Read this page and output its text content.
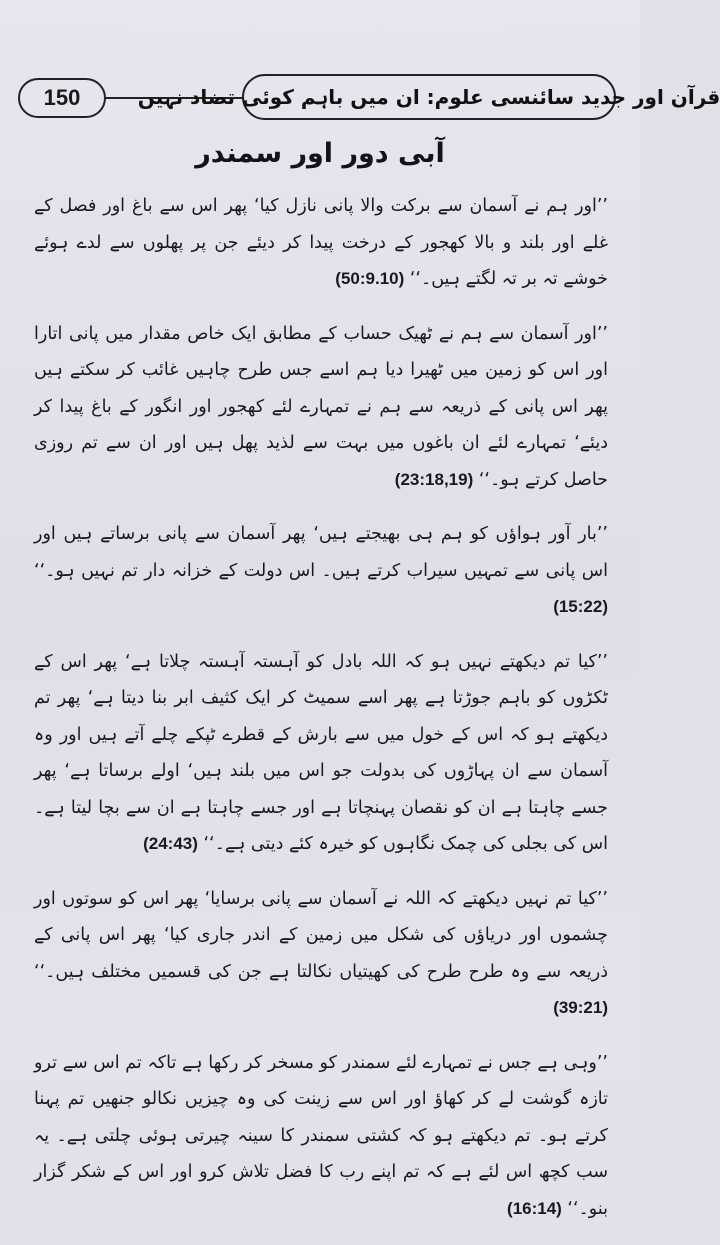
150	قرآن اور جدید سائنسی علوم: ان میں باہم کوئی تضاد نہیں
آبی دور اور سمندر

’’اور ہم نے آسمان سے برکت والا پانی نازل کیا‘ پھر اس سے باغ اور فصل کے غلے اور بلند و بالا کھجور کے درخت پیدا کر دیئے جن پر پھلوں سے لدے ہوئے خوشے تہ بر تہ لگتے ہیں۔‘‘ (50:9.10)

’’اور آسمان سے ہم نے ٹھیک حساب کے مطابق ایک خاص مقدار میں پانی اتارا اور اس کو زمین میں ٹھیرا دیا ہم اسے جس طرح چاہیں غائب کر سکتے ہیں پھر اس پانی کے ذریعہ سے ہم نے تمہارے لئے کھجور اور انگور کے باغ پیدا کر دیئے‘ تمہارے لئے ان باغوں میں بہت سے لذید پھل ہیں اور ان سے تم روزی حاصل کرتے ہو۔‘‘ (23:18,19)

’’بار آور ہواؤں کو ہم ہی بھیجتے ہیں‘ پھر آسمان سے پانی برساتے ہیں اور اس پانی سے تمہیں سیراب کرتے ہیں۔ اس دولت کے خزانہ دار تم نہیں ہو۔‘‘ (15:22)

’’کیا تم دیکھتے نہیں ہو کہ اللہ بادل کو آہستہ آہستہ چلاتا ہے‘ پھر اس کے ٹکڑوں کو باہم جوڑتا ہے پھر اسے سمیٹ کر ایک کثیف ابر بنا دیتا ہے‘ پھر تم دیکھتے ہو کہ اس کے خول میں سے بارش کے قطرے ٹپکے چلے آتے ہیں اور وہ آسمان سے ان پہاڑوں کی بدولت جو اس میں بلند ہیں‘ اولے برساتا ہے‘ پھر جسے چاہتا ہے ان کو نقصان پہنچاتا ہے اور جسے چاہتا ہے ان سے بچا لیتا ہے۔ اس کی بجلی کی چمک نگاہوں کو خیرہ کئے دیتی ہے۔‘‘ (24:43)

’’کیا تم نہیں دیکھتے کہ اللہ نے آسمان سے پانی برسایا‘ پھر اس کو سوتوں اور چشموں اور دریاؤں کی شکل میں زمین کے اندر جاری کیا‘ پھر اس پانی کے ذریعہ سے وہ طرح طرح کی کھیتیاں نکالتا ہے جن کی قسمیں مختلف ہیں۔‘‘ (39:21)

’’وہی ہے جس نے تمہارے لئے سمندر کو مسخر کر رکھا ہے تاکہ تم اس سے ترو تازہ گوشت لے کر کھاؤ اور اس سے زینت کی وہ چیزیں نکالو جنھیں تم پہنا کرتے ہو۔ تم دیکھتے ہو کہ کشتی سمندر کا سینہ چیرتی ہوئی چلتی ہے۔ یہ سب کچھ اس لئے ہے کہ تم اپنے رب کا فضل تلاش کرو اور اس کے شکر گزار بنو۔‘‘ (16:14)
